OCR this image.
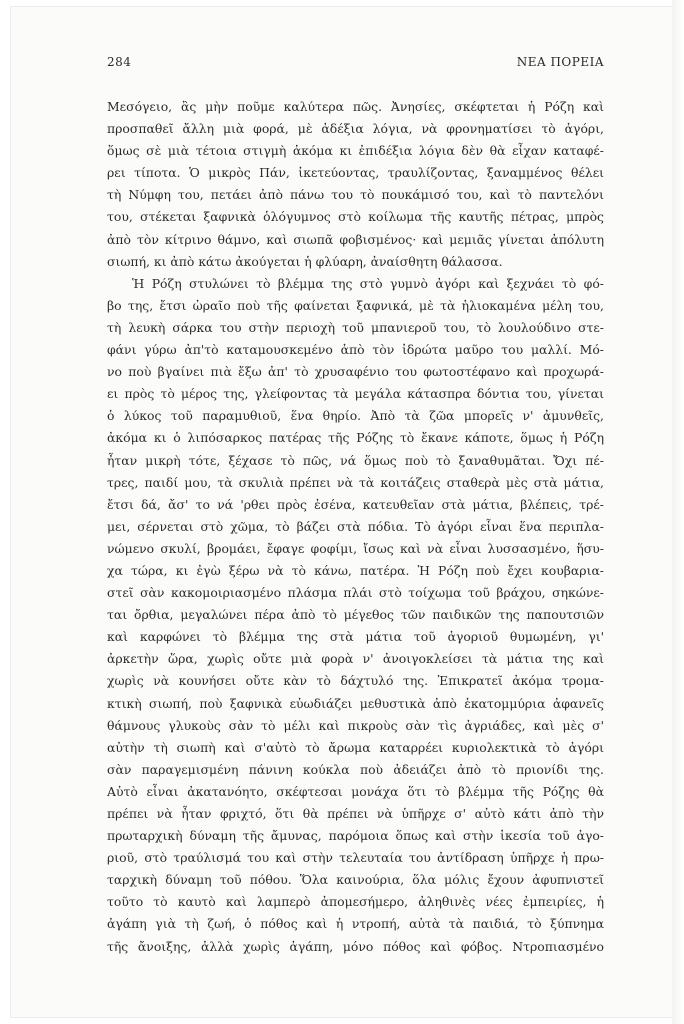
284	ΝΕΑ ΠΟΡΕΙΑ
Μεσόγειο, ἂς μὴν ποῦμε καλύτερα πῶς. Ἀνησίες, σκέφτεται ἡ Ρόζη καὶ
προσπαθεῖ ἄλλη μιὰ φορά, μὲ ἀδέξια λόγια, νὰ φρονηματίσει τὸ ἀγόρι,
ὅμως σὲ μιὰ τέτοια στιγμὴ ἀκόμα κι ἐπιδέξια λόγια δὲν θὰ εἶχαν καταφέ-
ρει τίποτα. Ὁ μικρὸς Πάν, ἱκετεύοντας, τραυλίζοντας, ξαναμμένος θέλει
τὴ Νύμφη του, πετάει ἀπὸ πάνω του τὸ πουκάμισό του, καὶ τὸ παντελόνι
του, στέκεται ξαφνικὰ ὁλόγυμνος στὸ κοίλωμα τῆς καυτῆς πέτρας, μπρὸς
ἀπὸ τὸν κίτρινο θάμνο, καὶ σιωπᾶ φοβισμένος· καὶ μεμιᾶς γίνεται ἀπόλυτη
σιωπή, κι ἀπὸ κάτω ἀκούγεται ἡ φλύαρη, ἀναίσθητη θάλασσα.
Ἡ Ρόζη στυλώνει τὸ βλέμμα της στὸ γυμνὸ ἀγόρι καὶ ξεχνάει τὸ φό-
βο της, ἔτσι ὡραῖο ποὺ τῆς φαίνεται ξαφνικά, μὲ τὰ ἡλιοκαμένα μέλη του,
τὴ λευκὴ σάρκα του στὴν περιοχὴ τοῦ μπανιεροῦ του, τὸ λουλούδινο στε-
φάνι γύρω ἀπ'τὸ καταμουσκεμένο ἀπὸ τὸν ἱδρώτα μαῦρο του μαλλί. Μό-
νο ποὺ βγαίνει πιὰ ἔξω ἀπ' τὸ χρυσαφένιο του φωτοστέφανο καὶ προχωρά-
ει πρὸς τὸ μέρος της, γλείφοντας τὰ μεγάλα κάτασπρα δόντια του, γίνεται
ὁ λύκος τοῦ παραμυθιοῦ, ἕνα θηρίο. Ἀπὸ τὰ ζῶα μπορεῖς ν' ἀμυνθεῖς,
ἀκόμα κι ὁ λιπόσαρκος πατέρας τῆς Ρόζης τὸ ἔκανε κάποτε, ὅμως ἡ Ρόζη
ἦταν μικρὴ τότε, ξέχασε τὸ πῶς, νά ὅμως ποὺ τὸ ξαναθυμᾶται. Ὄχι πέ-
τρες, παιδί μου, τὰ σκυλιὰ πρέπει νὰ τὰ κοιτάζεις σταθερὰ μὲς στὰ μάτια,
ἔτσι δά, ἄσ' το νά 'ρθει πρὸς ἐσένα, κατευθεῖαν στὰ μάτια, βλέπεις, τρέ-
μει, σέρνεται στὸ χῶμα, τὸ βάζει στὰ πόδια. Τὸ ἀγόρι εἶναι ἕνα περιπλα-
νώμενο σκυλί, βρομάει, ἔφαγε φοφίμι, ἴσως καὶ νὰ εἶναι λυσσασμένο, ἥσυ-
χα τώρα, κι ἐγὼ ξέρω νὰ τὸ κάνω, πατέρα. Ἡ Ρόζη ποὺ ἔχει κουβαρια-
στεῖ σὰν κακομοιριασμένο πλάσμα πλάι στὸ τοίχωμα τοῦ βράχου, σηκώνε-
ται ὄρθια, μεγαλώνει πέρα ἀπὸ τὸ μέγεθος τῶν παιδικῶν της παπουτσιῶν
καὶ καρφώνει τὸ βλέμμα της στὰ μάτια τοῦ ἀγοριοῦ θυμωμένη, γι'
ἀρκετὴν ὥρα, χωρὶς οὔτε μιὰ φορὰ ν' ἀνοιγοκλείσει τὰ μάτια της καὶ
χωρὶς νὰ κουνήσει οὔτε κὰν τὸ δάχτυλό της. Ἐπικρατεῖ ἀκόμα τρομα-
κτικὴ σιωπή, ποὺ ξαφνικὰ εὐωδιάζει μεθυστικὰ ἀπὸ ἑκατομμύρια ἀφανεῖς
θάμνους γλυκοὺς σὰν τὸ μέλι καὶ πικροὺς σὰν τὶς ἀγριάδες, καὶ μὲς σ'
αὐτὴν τὴ σιωπὴ καὶ σ'αὐτὸ τὸ ἄρωμα καταρρέει κυριολεκτικὰ τὸ ἀγόρι
σὰν παραγεμισμένη πάνινη κούκλα ποὺ ἀδειάζει ἀπὸ τὸ πριονίδι της.
Αὐτὸ εἶναι ἀκατανόητο, σκέφτεσαι μονάχα ὅτι τὸ βλέμμα τῆς Ρόζης θὰ
πρέπει νὰ ἦταν φριχτό, ὅτι θὰ πρέπει νὰ ὑπῆρχε σ' αὐτὸ κάτι ἀπὸ τὴν
πρωταρχικὴ δύναμη τῆς ἄμυνας, παρόμοια ὅπως καὶ στὴν ἱκεσία τοῦ ἀγο-
ριοῦ, στὸ τραύλισμά του καὶ στὴν τελευταία του ἀντίδραση ὑπῆρχε ἡ πρω-
ταρχικὴ δύναμη τοῦ πόθου. Ὅλα καινούρια, ὅλα μόλις ἔχουν ἀφυπνιστεῖ
τοῦτο τὸ καυτὸ καὶ λαμπερὸ ἀπομεσήμερο, ἀληθινὲς νέες ἐμπειρίες, ἡ
ἀγάπη γιὰ τὴ ζωή, ὁ πόθος καὶ ἡ ντροπή, αὐτὰ τὰ παιδιά, τὸ ξύπνημα
τῆς ἄνοιξης, ἀλλὰ χωρὶς ἀγάπη, μόνο πόθος καὶ φόβος. Ντροπιασμένο
